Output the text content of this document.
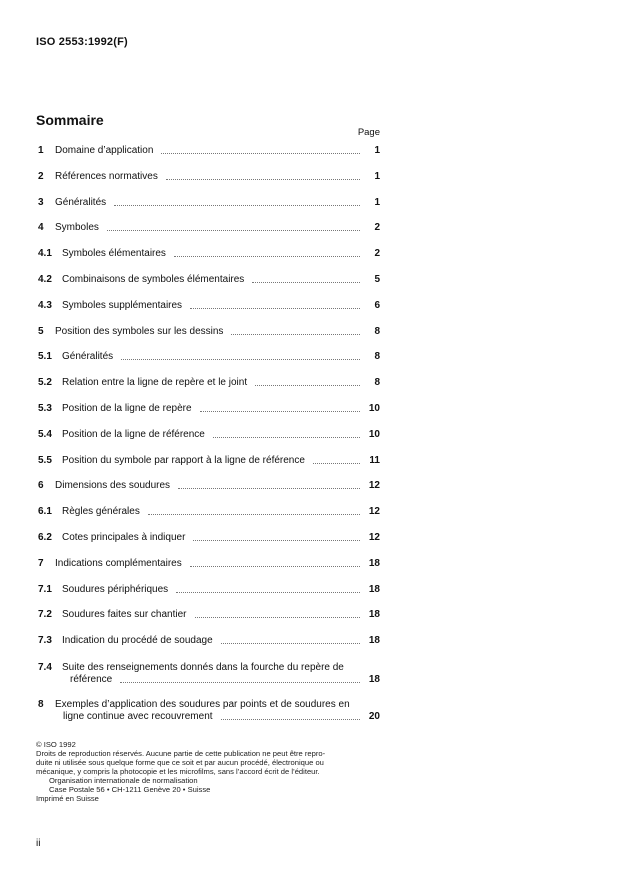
ISO 2553:1992(F)
Sommaire
Page
1 Domaine d’application	1
2 Références normatives	1
3 Généralités	1
4 Symboles	2
4.1 Symboles élémentaires	2
4.2 Combinaisons de symboles élémentaires	5
4.3 Symboles supplémentaires	6
5 Position des symboles sur les dessins	8
5.1 Généralités	8
5.2 Relation entre la ligne de repère et le joint	8
5.3 Position de la ligne de repère	10
5.4 Position de la ligne de référence	10
5.5 Position du symbole par rapport à la ligne de référence	11
6 Dimensions des soudures	12
6.1 Règles générales	12
6.2 Cotes principales à indiquer	12
7 Indications complémentaires	18
7.1 Soudures périphériques	18
7.2 Soudures faites sur chantier	18
7.3 Indication du procédé de soudage	18
7.4 Suite des renseignements donnés dans la fourche du repère de
référence	18
8 Exemples d’application des soudures par points et de soudures en
ligne continue avec recouvrement	20
© ISO 1992
Droits de reproduction réservés. Aucune partie de cette publication ne peut être repro-
duite ni utilisée sous quelque forme que ce soit et par aucun procédé, électronique ou
mécanique, y compris la photocopie et les microfilms, sans l’accord écrit de l’éditeur.
Organisation internationale de normalisation
Case Postale 56 • CH-1211 Genève 20 • Suisse
Imprimé en Suisse
ii
